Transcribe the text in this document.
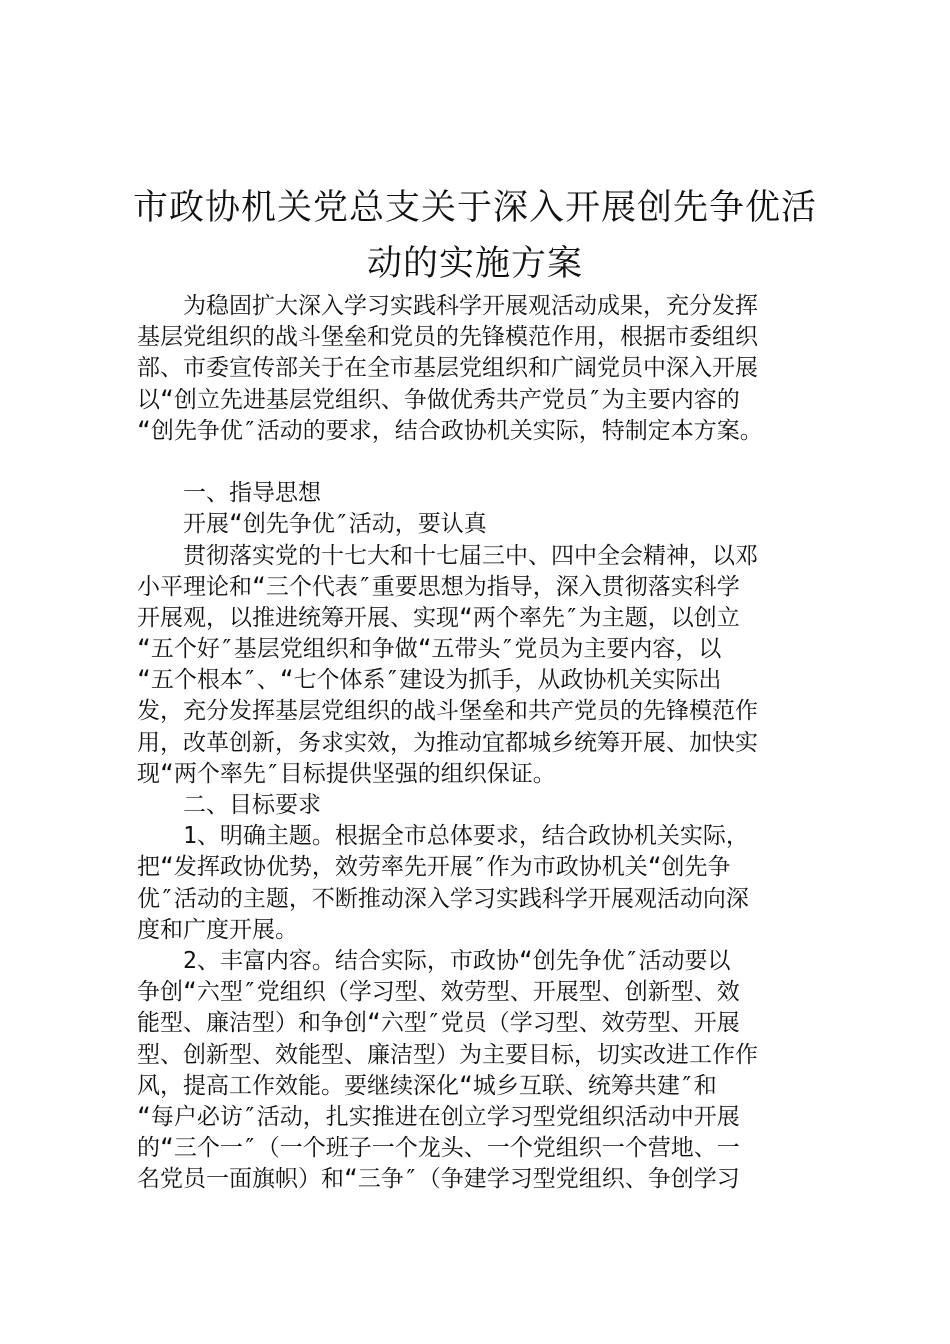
市政协机关党总支关于深入开展创先争优活
动的实施方案
为稳固扩大深入学习实践科学开展观活动成果，充分发挥
基层党组织的战斗堡垒和党员的先锋模范作用，根据市委组织
部、市委宣传部关于在全市基层党组织和广阔党员中深入开展
以“创立先进基层党组织、争做优秀共产党员″为主要内容的
“创先争优″活动的要求，结合政协机关实际，特制定本方案。
一、指导思想
开展“创先争优″活动，要认真
贯彻落实党的十七大和十七届三中、四中全会精神，以邓
小平理论和“三个代表″重要思想为指导，深入贯彻落实科学
开展观，以推进统筹开展、实现“两个率先″为主题，以创立
“五个好″基层党组织和争做“五带头″党员为主要内容，以
“五个根本″、“七个体系″建设为抓手，从政协机关实际出
发，充分发挥基层党组织的战斗堡垒和共产党员的先锋模范作
用，改革创新，务求实效，为推动宜都城乡统筹开展、加快实
现“两个率先″目标提供坚强的组织保证。
二、目标要求
1、明确主题。根据全市总体要求，结合政协机关实际，
把“发挥政协优势，效劳率先开展″作为市政协机关“创先争
优″活动的主题，不断推动深入学习实践科学开展观活动向深
度和广度开展。
2、丰富内容。结合实际，市政协“创先争优″活动要以
争创“六型″党组织（学习型、效劳型、开展型、创新型、效
能型、廉洁型）和争创“六型″党员（学习型、效劳型、开展
型、创新型、效能型、廉洁型）为主要目标，切实改进工作作
风，提高工作效能。要继续深化“城乡互联、统筹共建″和
“每户必访″活动，扎实推进在创立学习型党组织活动中开展
的“三个一″（一个班子一个龙头、一个党组织一个营地、一
名党员一面旗帜）和“三争″（争建学习型党组织、争创学习
